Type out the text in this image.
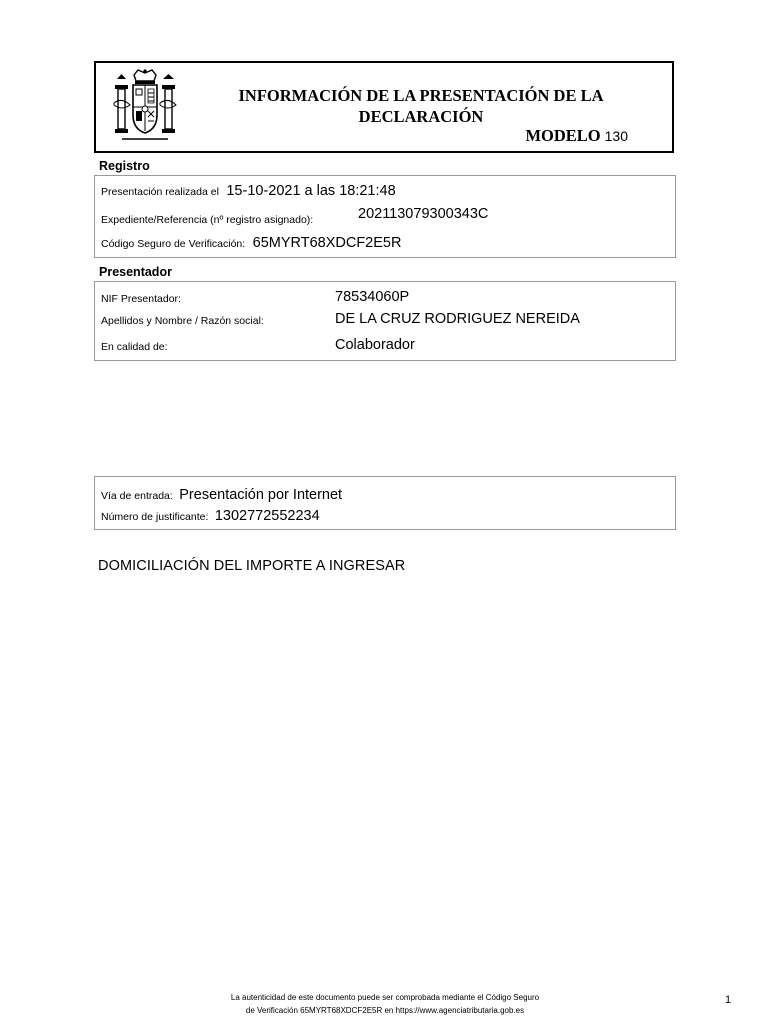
INFORMACIÓN DE LA PRESENTACIÓN DE LA DECLARACIÓN
MODELO 130
Registro
Presentación realizada el 15-10-2021 a las 18:21:48
Expediente/Referencia (nº registro asignado):	202113079300343C
Código Seguro de Verificación: 65MYRT68XDCF2E5R
Presentador
NIF Presentador:	78534060P
Apellidos y Nombre / Razón social:	DE LA CRUZ RODRIGUEZ NEREIDA
En calidad de:	Colaborador
Vía de entrada: Presentación por Internet
Número de justificante: 1302772552234
DOMICILIACIÓN DEL IMPORTE A INGRESAR
La autenticidad de este documento puede ser comprobada mediante el Código Seguro
de Verificación 65MYRT68XDCF2E5R en https://www.agenciatributaria.gob.es
1
